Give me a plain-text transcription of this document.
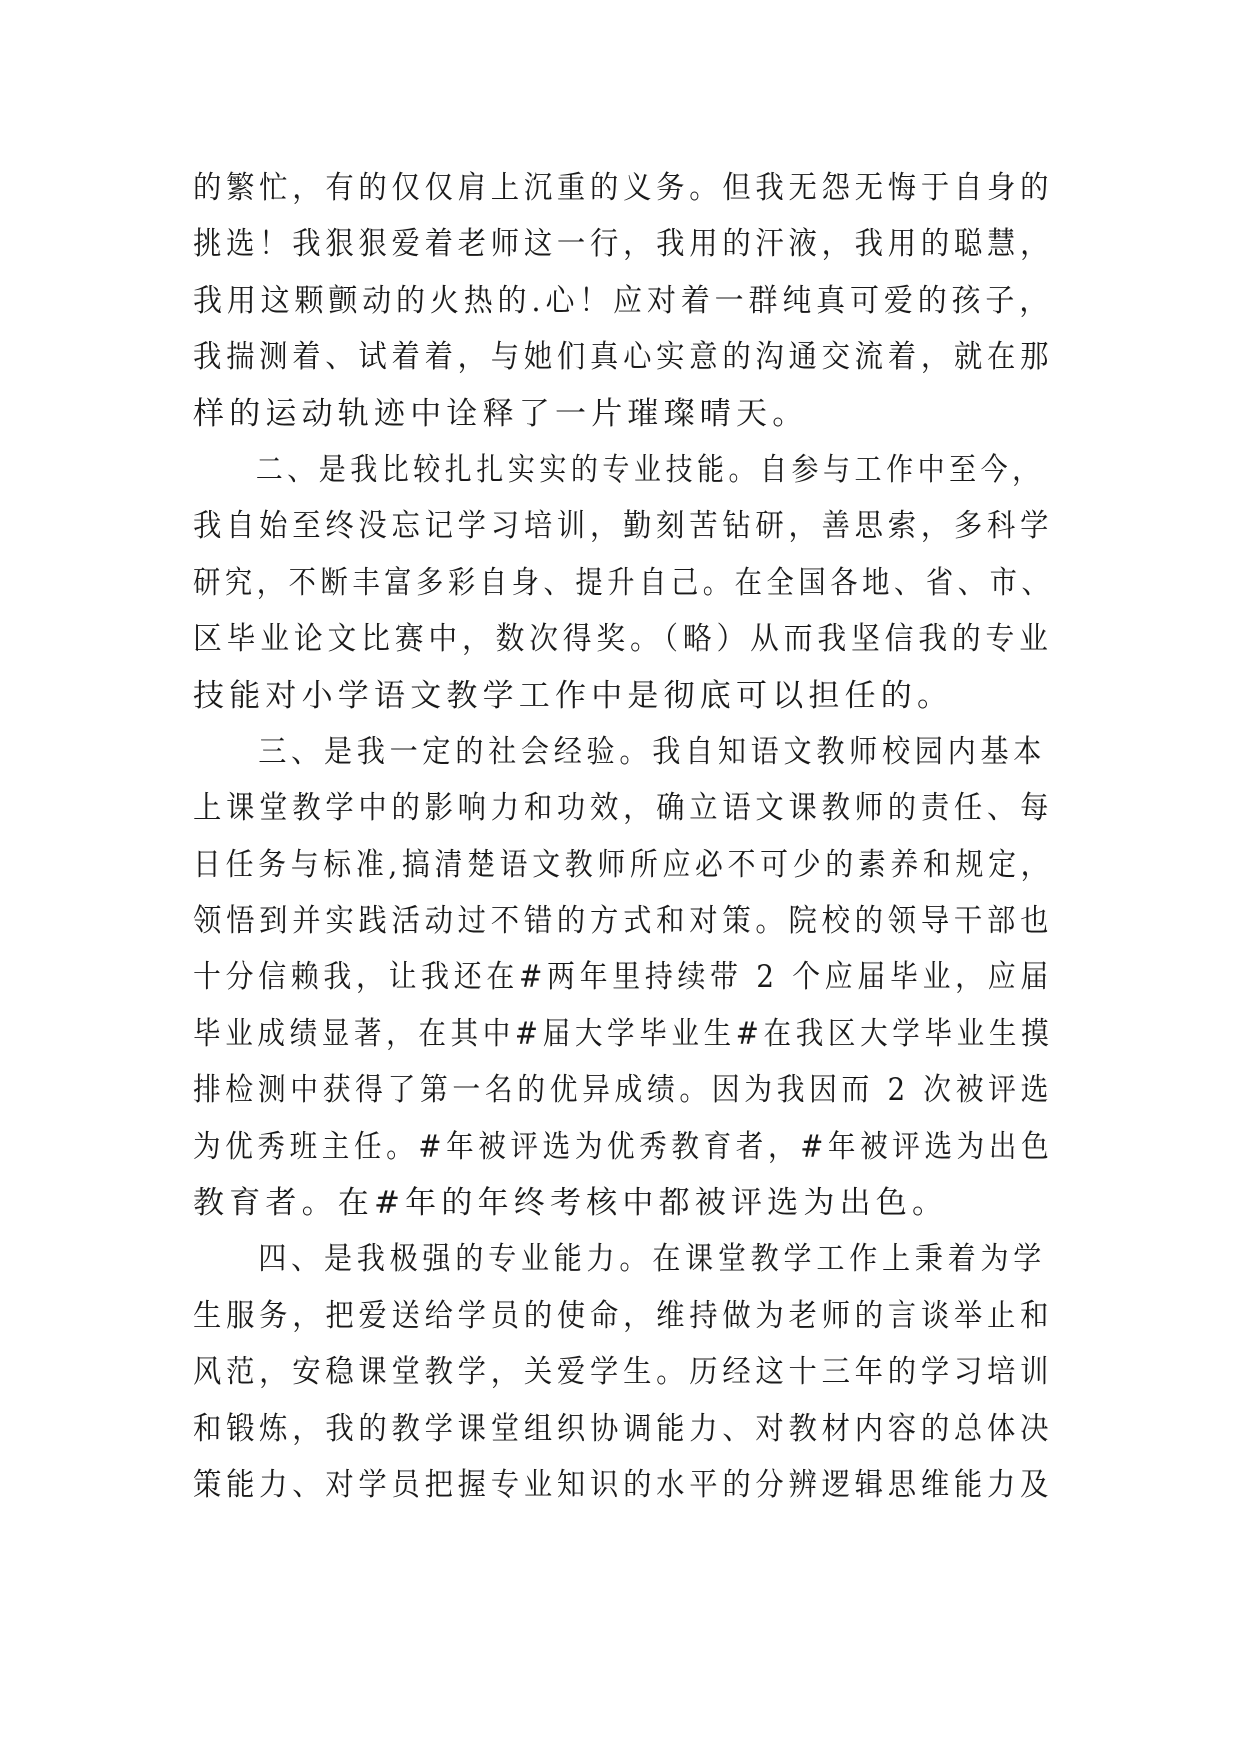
的繁忙，有的仅仅肩上沉重的义务。但我无怨无悔于自身的
挑选！我狠狠爱着老师这一行，我用的汗液，我用的聪慧，
我用这颗颤动的火热的.心！应对着一群纯真可爱的孩子，
我揣测着、试着着，与她们真心实意的沟通交流着，就在那
样的运动轨迹中诠释了一片璀璨晴天。
二、是我比较扎扎实实的专业技能。自参与工作中至今，
我自始至终没忘记学习培训，勤刻苦钻研，善思索，多科学
研究，不断丰富多彩自身、提升自己。在全国各地、省、市、
区毕业论文比赛中，数次得奖。（略）从而我坚信我的专业
技能对小学语文教学工作中是彻底可以担任的。
三、是我一定的社会经验。我自知语文教师校园内基本
上课堂教学中的影响力和功效，确立语文课教师的责任、每
日任务与标准,搞清楚语文教师所应必不可少的素养和规定，
领悟到并实践活动过不错的方式和对策。院校的领导干部也
十分信赖我，让我还在#两年里持续带 2 个应届毕业，应届
毕业成绩显著，在其中#届大学毕业生#在我区大学毕业生摸
排检测中获得了第一名的优异成绩。因为我因而 2 次被评选
为优秀班主任。#年被评选为优秀教育者，#年被评选为出色
教育者。在#年的年终考核中都被评选为出色。
四、是我极强的专业能力。在课堂教学工作上秉着为学
生服务，把爱送给学员的使命，维持做为老师的言谈举止和
风范，安稳课堂教学，关爱学生。历经这十三年的学习培训
和锻炼，我的教学课堂组织协调能力、对教材内容的总体决
策能力、对学员把握专业知识的水平的分辨逻辑思维能力及
